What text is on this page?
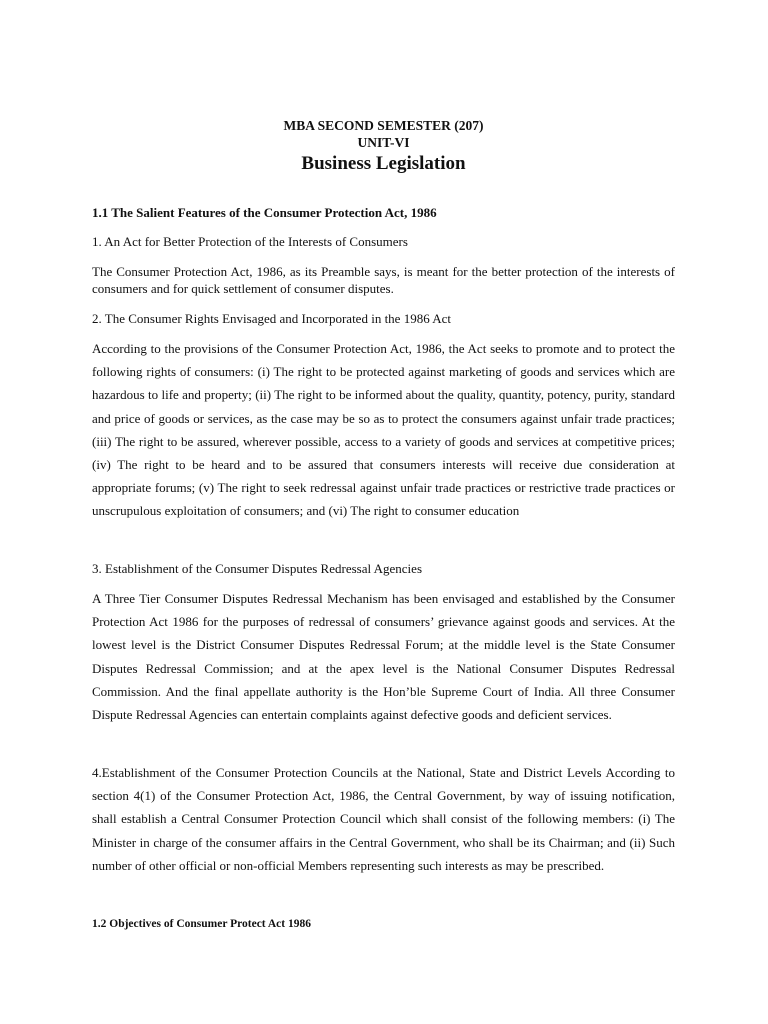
MBA SECOND SEMESTER (207)
UNIT-VI
Business Legislation
1.1 The Salient Features of the Consumer Protection Act, 1986
1. An Act for Better Protection of the Interests of Consumers

The Consumer Protection Act, 1986, as its Preamble says, is meant for the better protection of the interests of consumers and for quick settlement of consumer disputes.

2. The Consumer Rights Envisaged and Incorporated in the 1986 Act

According to the provisions of the Consumer Protection Act, 1986, the Act seeks to promote and to protect the following rights of consumers: (i) The right to be protected against marketing of goods and services which are hazardous to life and property; (ii) The right to be informed about the quality, quantity, potency, purity, standard and price of goods or services, as the case may be so as to protect the consumers against unfair trade practices; (iii) The right to be assured, wherever possible, access to a variety of goods and services at competitive prices; (iv) The right to be heard and to be assured that consumers interests will receive due consideration at appropriate forums; (v) The right to seek redressal against unfair trade practices or restrictive trade practices or unscrupulous exploitation of consumers; and (vi) The right to consumer education

3. Establishment of the Consumer Disputes Redressal Agencies

A Three Tier Consumer Disputes Redressal Mechanism has been envisaged and established by the Consumer Protection Act 1986 for the purposes of redressal of consumers’ grievance against goods and services. At the lowest level is the District Consumer Disputes Redressal Forum; at the middle level is the State Consumer Disputes Redressal Commission; and at the apex level is the National Consumer Disputes Redressal Commission. And the final appellate authority is the Hon’ble Supreme Court of India. All three Consumer Dispute Redressal Agencies can entertain complaints against defective goods and deficient services.

4.Establishment of the Consumer Protection Councils at the National, State and District Levels According to section 4(1) of the Consumer Protection Act, 1986, the Central Government, by way of issuing notification, shall establish a Central Consumer Protection Council which shall consist of the following members: (i) The Minister in charge of the consumer affairs in the Central Government, who shall be its Chairman; and (ii) Such number of other official or non-official Members representing such interests as may be prescribed.

1.2 Objectives of Consumer Protect Act 1986
